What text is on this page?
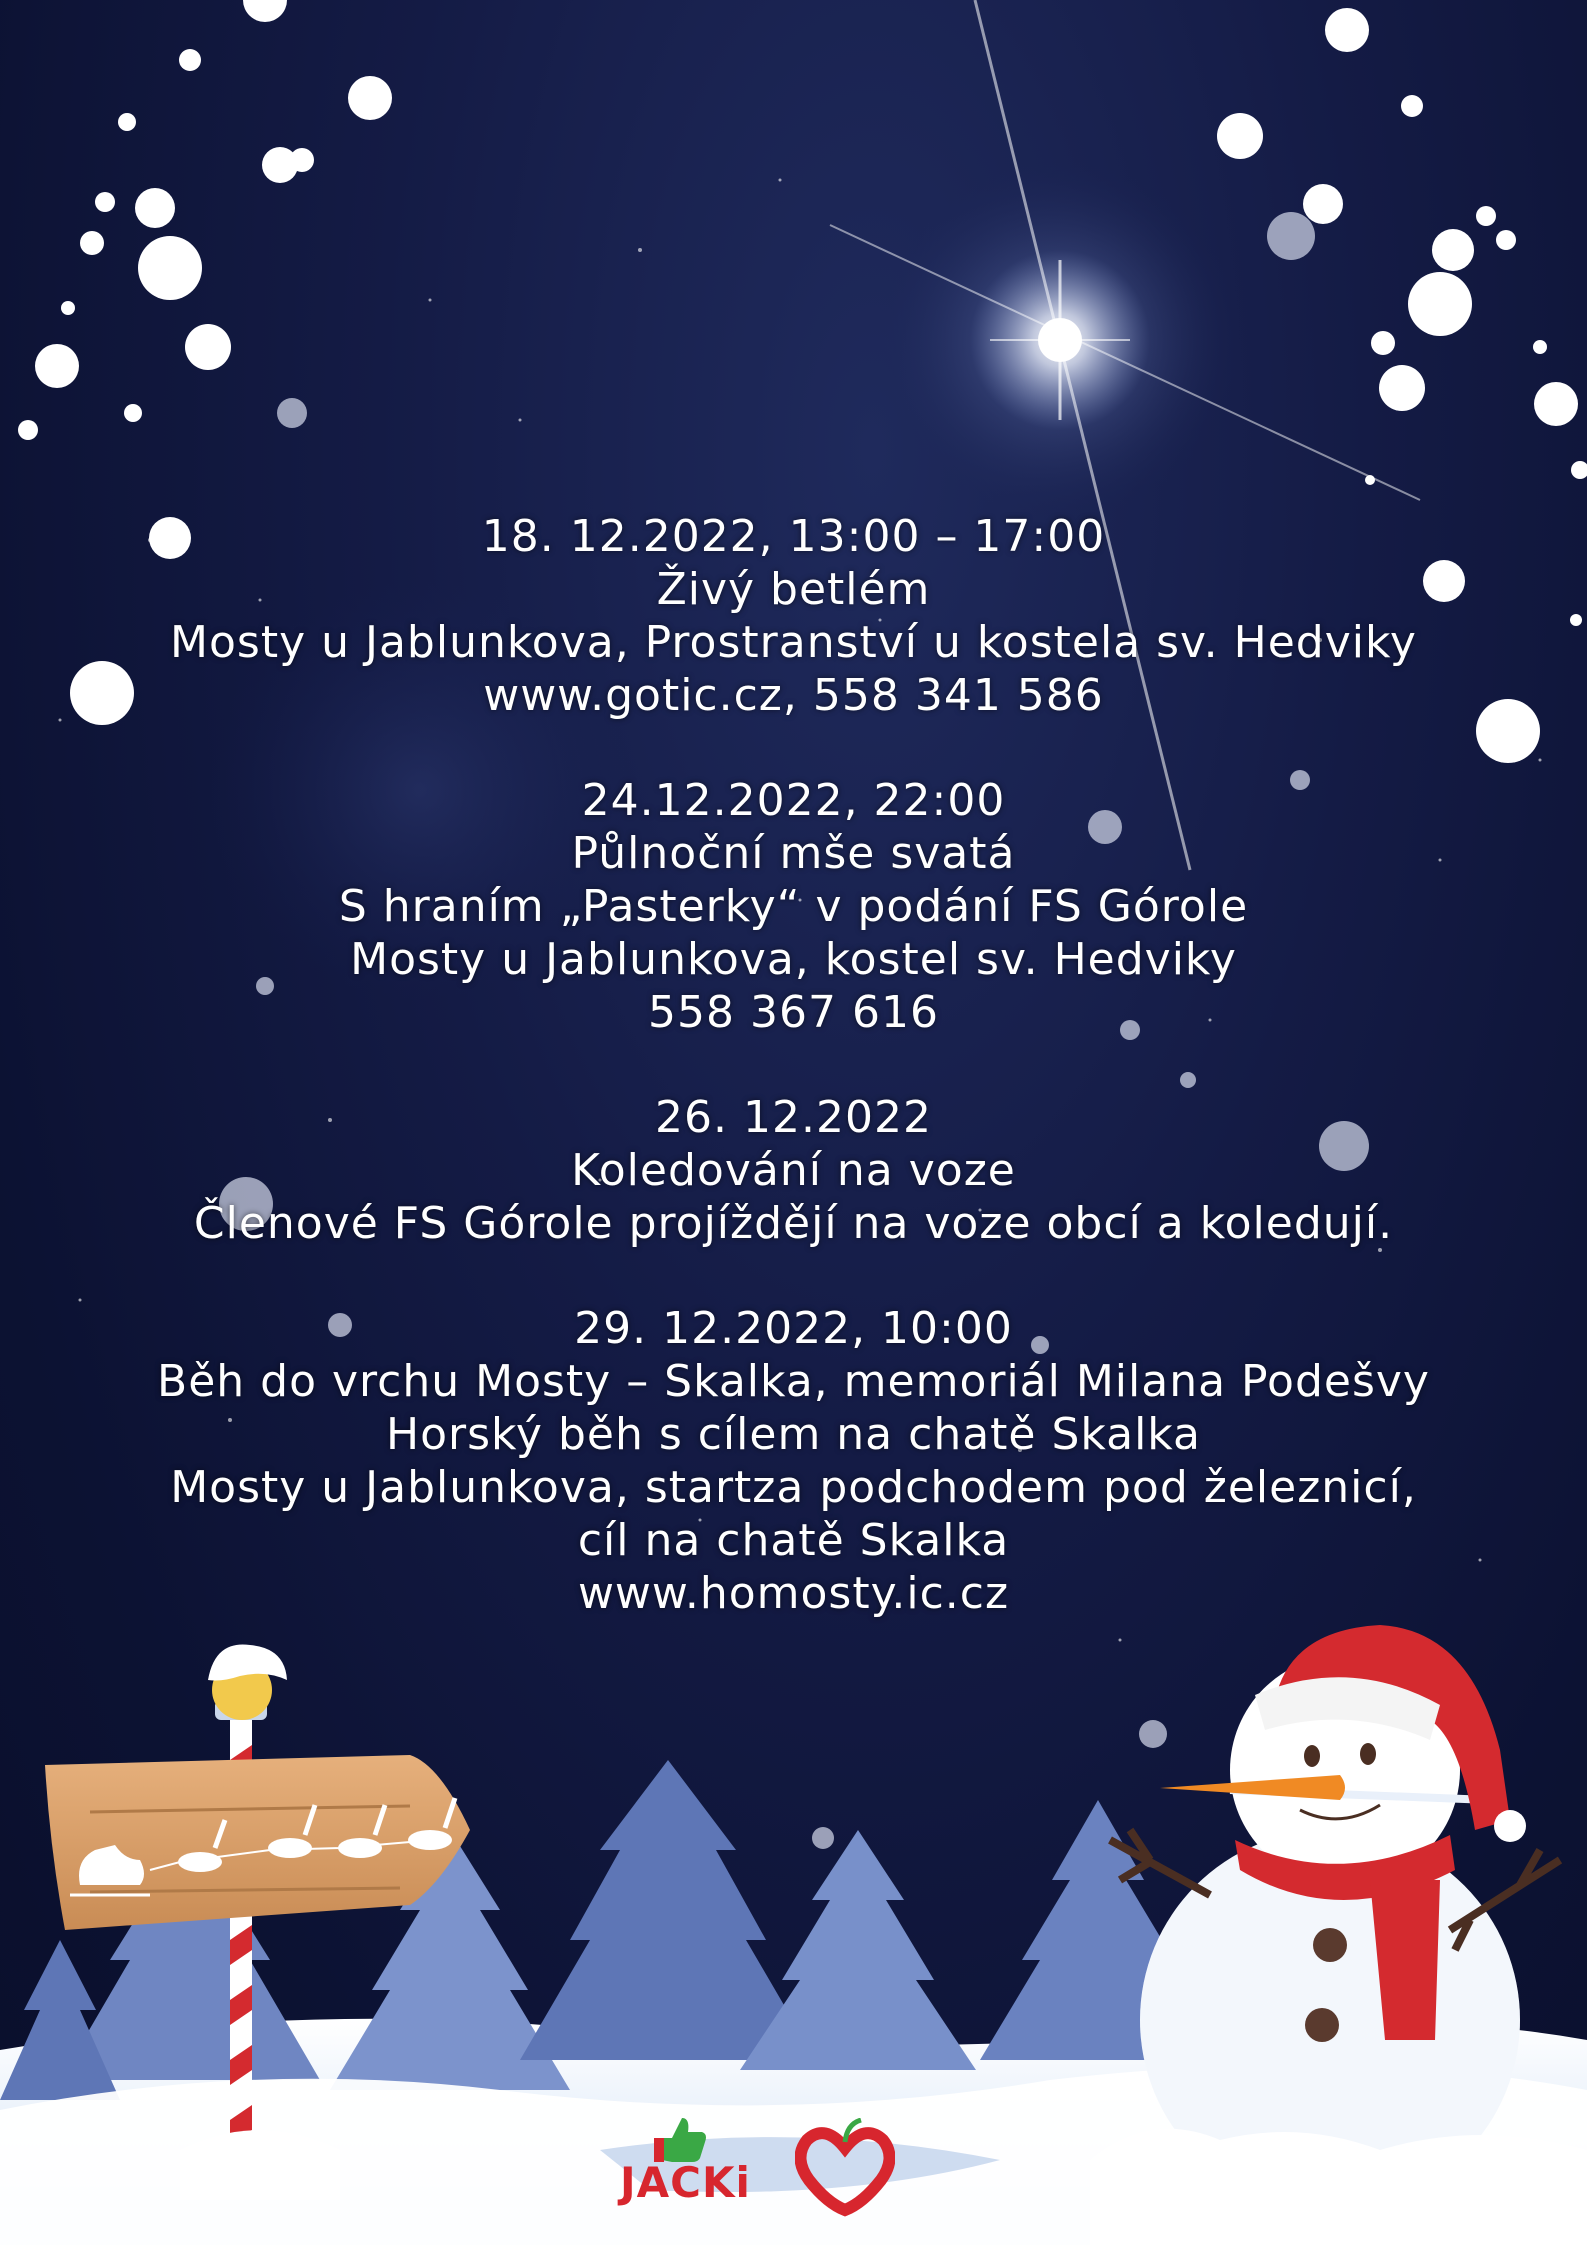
18. 12.2022, 13:00 – 17:00
Živý betlém
Mosty u Jablunkova, Prostranství u kostela sv. Hedviky
www.gotic.cz, 558 341 586
24.12.2022, 22:00
Půlnoční mše svatá
S hraním „Pasterky“ v podání FS Górole
Mosty u Jablunkova, kostel sv. Hedviky
558 367 616
26. 12.2022
Koledování na voze
Členové FS Górole projíždějí na voze obcí a koledují.
29. 12.2022, 10:00
Běh do vrchu Mosty – Skalka, memoriál Milana Podešvy
Horský běh s cílem na chatě Skalka
Mosty u Jablunkova, startza podchodem pod železnicí,
cíl na chatě Skalka
www.homosty.ic.cz
JACKi
